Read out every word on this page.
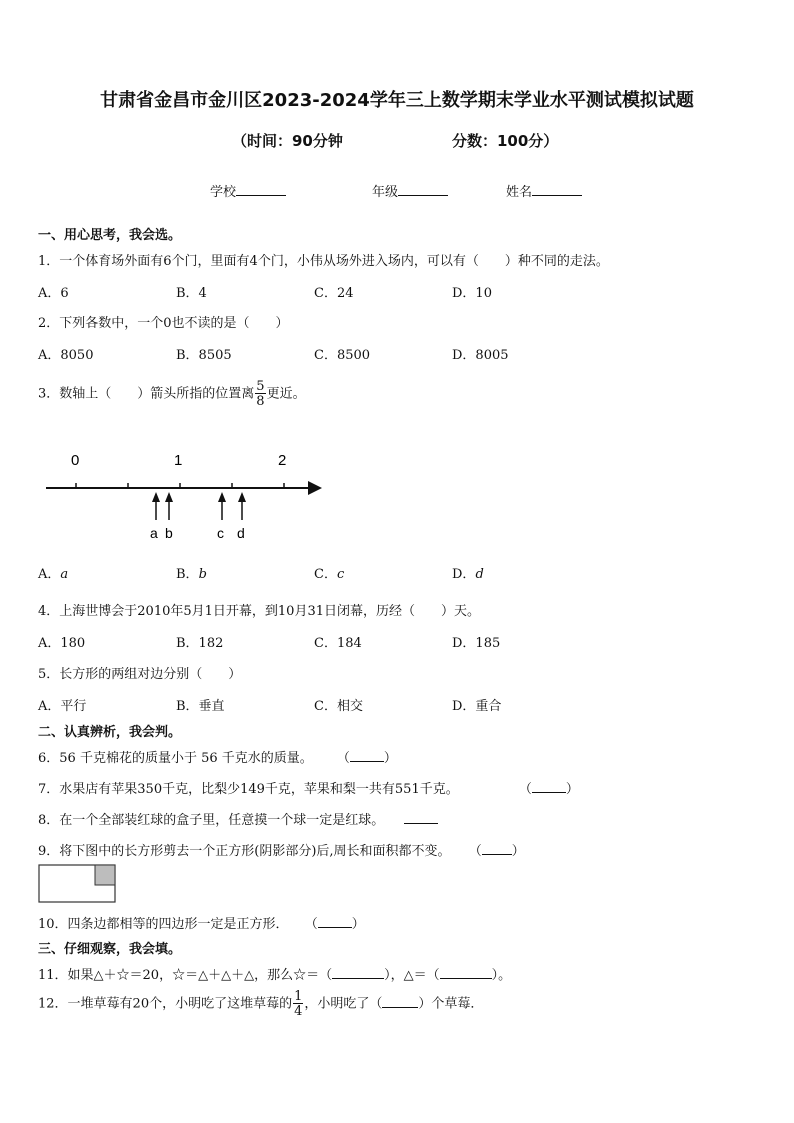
甘肃省金昌市金川区2023-2024学年三上数学期末学业水平测试模拟试题
（时间：90分钟	分数：100分）
学校	年级	姓名
一、用心思考，我会选。
1．一个体育场外面有6个门，里面有4个门，小伟从场外进入场内，可以有（　　）种不同的走法。
A．6	B．4	C．24	D．10
2．下列各数中，一个0也不读的是（　　）
A．8050	B．8505	C．8500	D．8005
3．数轴上（　　）箭头所指的位置离 $\frac{5}{8}$ 更近。
0	1	2
a b	c d
A．a	B．b	C．c	D．d
4．上海世博会于2010年5月1日开幕，到10月31日闭幕，历经（　　）天。
A．180	B．182	C．184	D．185
5．长方形的两组对边分别（　　）
A．平行	B．垂直	C．相交	D．重合
二、认真辨析，我会判。
6．56 千克棉花的质量小于 56 千克水的质量。 （	）
7．水果店有苹果350千克，比梨少149千克，苹果和梨一共有551千克。	（	）
8．在一个全部装红球的盒子里，任意摸一个球一定是红球。
9．将下图中的长方形剪去一个正方形(阴影部分)后,周长和面积都不变。 （ ）
10．四条边都相等的四边形一定是正方形． （	）
三、仔细观察，我会填。
11．如果△＋☆＝20，☆＝△＋△＋△，那么☆＝（	），△＝（	）。
12．一堆草莓有20个，小明吃了这堆草莓的 $\frac{1}{4}$ ，小明吃了（	）个草莓．
